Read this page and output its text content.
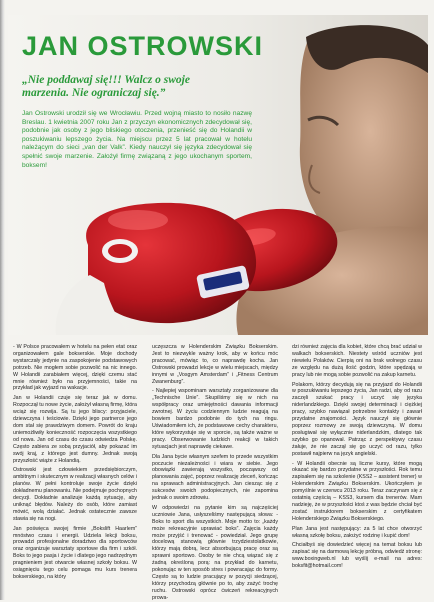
JAN OSTROWSKI

„Nie poddawaj się!!! Walcz o swoje marzenia. Nie ograniczaj się.”

Jan Ostrowski urodził się we Wrocławiu. Przed wojną miasto to nosiło nazwę Breslau. 1 kwietnia 2007 roku Jan z przyczyn ekonomicznych zdecydował się, podobnie jak osoby z jego bliskiego otoczenia, przenieść się do Holandii w poszukiwaniu lepszego życia. Na miejscu przez 5 lat pracował w hotelu należącym do sieci „van der Valk”. Kiedy nauczył się języka zdecydował się spełnić swoje marzenie. Założył firmę związaną z jego ukochanym sportem, boksem!

- W Polsce pracowałem w hotelu na pełen etat oraz organizowałem gale bokserskie. Moje dochody wystarczały jedynie na zaspokojenie podstawowych potrzeb. Nie mogłem sobie pozwolić na nic innego. W Holandii zarabiałem więcej, dzięki czemu stać mnie również było na przyjemności, takie na przykład jak wyjazd na wakacje.

Jan w Holandii czuje się teraz jak w domu. Rozpoczął tu nowe życie, założył własną firmę, która wciąż się rozwija. Są tu jego bliscy: przyjaciele, dziewczyna i teściowie. Dzięki jego partnerce jego dom stał się prawdziwym domem. Powrót do kraju uniemożliwiły konieczność rozpoczęcia wszystkiego od nowa. Jan od czasu do czasu odwiedza Polskę. Często zabiera ze sobą przyjaciół, aby pokazać im swój kraj, z którego jest dumny. Jednak swoją przyszłość wiąże z Holandią.

Ostrowski jest człowiekiem przedsiębiorczym, ambitnym i skutecznym w realizacji własnych celów i planów. W pełni kontroluje swoje życie dzięki dokładnemu planowaniu. Nie podejmuje pochopnych decyzji. Dokładnie analizuje każdą sytuację, aby uniknąć błędów. Należy do osób, które zamiast mówić, wolą działać. Jednak ostatecznie zawsze stawia się na nogi.

Jan poświęca swojej firmie „Bokslift Haarlem” mnóstwo czasu i energii. Udziela lekcji boksu, prowadzi profesjonalne doradztwo dla sportowców oraz organizuje warsztaty sportowe dla firm i szkół. Boks to jego pasja i życie i dlatego jego nadrzędnym pragnieniem jest otwarcie własnej szkoły boksu. W osiągnięciu tego celu pomaga mu kurs trenera bokserskiego, na który

uczęszcza w Holenderskim Związku Bokserskim. Jest to niezwykle ważny krok, aby w końcu móc pracować, mówiąc to, co naprawdę kocha. Jan Ostrowski prowadzi lekcje w wielu miejscach, między innymi w „Vosgym Amsterdam” i „Fitness Centrum Zwanenburg”.

- Najlepiej wspominam warsztaty zorganizowane dla „Technische Unie”. Skupiliśmy się w nich na współpracy oraz umiejętności dawania informacji zwrotnej. W życiu codziennym ludzie reagują na bowiem bardzo podobnie do tych na ringu. Uświadomiłem ich, że podstawowe cechy charakteru, które wykorzystuje się w sporcie, są także ważne w pracy. Obserwowanie ludzkich reakcji w takich sytuacjach jest naprawdę ciekawe.

Dla Jana bycie własnym szefem to przede wszystkim poczucie niezależności i wiara w siebie. Jego obowiązki zawierają wszystko, począwszy od planowania zajęć, poprzez realizację zleceń, kończąc na sprawach administracyjnych. Jan ciesząc się z sukcesów swoich podopiecznych, nie zapomina jednak o swoim zdrowiu.

W odpowiedzi na pytanie kim są najczęściej uczniowie Jana, usłyszeliśmy następującą słowa: - Boks to sport dla wszystkich. Moje motto to: „każdy może rekreacyjnie uprawiać boks”. Zajęcia każdy może przyjść i trenować - powiedział. Jego grupę docelową stanowią głównie trzydziestolatkowie, którzy mają dobrą, lecz absorbującą pracę oraz są sprawni sportowo. Osoby te nie chcą wiązać się z żadną określoną porą: na przykład do karnetu, pokonując w ten sposób stres i powracając do formy. Często są to ludzie pracujący w pozycji siedzącej, którzy przychodzą głównie po to, aby zażyć trochę ruchu. Ostrowski oprócz ćwiczeń rekreacyjnych prowa-

dzi również zajęcia dla kobiet, które chcą brać udział w walkach bokserskich. Niestety wśród uczniów jest niewielu Polaków. Cierpią oni na brak wolnego czasu ze względu na dużą ilość godzin, które spędzają w pracy lub nie mogą sobie pozwolić na zakup karnetu.

Polakom, którzy decydują się na przyjazd do Holandii w poszukiwaniu lepszego życia, Jan radzi, aby od razu zaczęli szukać pracy i uczyć się języka niderlandzkiego. Dzięki swojej determinacji i ciężkiej pracy, szybko nawiązał potrzebne kontakty i zawarł przydatne znajomości. Język nauczył się głównie poprzez rozmowy ze swoją dziewczyną. W domu posługiwał się wyłącznie niderlandzkim, dlatego tak szybko go opanował. Patrząc z perspektywy czasu żałuje, że nie zaczął się go uczyć od razu, tylko postawił najpierw na język angielski.

- W Holandii obecnie są liczne kursy, które mogą okazać się bardzo przydatne w przyszłości. Rok temu zapisałem się na szkolenie (KSS2 – assistent trener) w Holenderskim Związku Bokserskim. Ukończyłem je pomyślnie w czerwcu 2013 roku. Teraz zaczynam się z ostatnią częścią – KSS3, kursem dla trenerów. Mam nadzieję, że w przyszłości ktoś z was będzie chciał być zostać instruktorem bokserskim z certyfikatem Holenderskiego Związku Bokserskiego.

Plan Jana jest następujący: za 5 lat chce otworzyć własną szkołę boksu, założyć rodzinę i kupić dom!

Chciałbyś się dowiedzieć więcej na temat boksu lub zapisać się na darmową lekcję próbną, odwiedź stronę: www.boxingweb.nl lub wyślij e-mail na adres: boksfit@hotmail.com!
